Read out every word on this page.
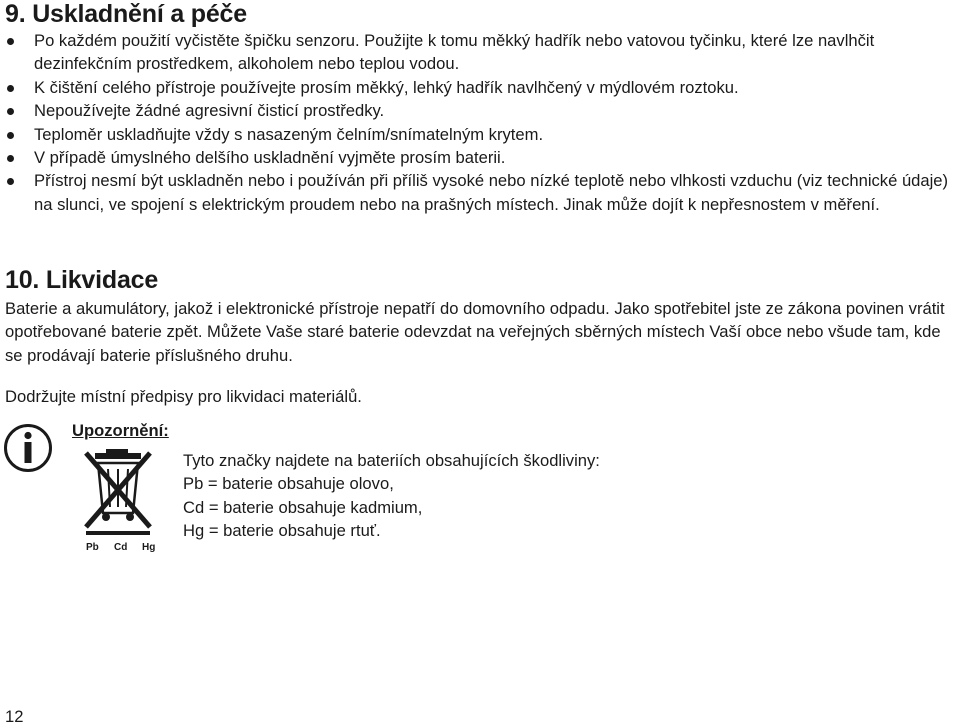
9. Uskladnění a péče
Po každém použití vyčistěte špičku senzoru. Použijte k tomu měkký hadřík nebo vatovou tyčinku, které lze navlhčit dezinfekčním prostředkem, alkoholem nebo teplou vodou.
K čištění celého přístroje používejte prosím měkký, lehký hadřík navlhčený v mýdlovém roztoku.
Nepoužívejte žádné agresivní čisticí prostředky.
Teploměr uskladňujte vždy s nasazeným čelním/snímatelným krytem.
V případě úmyslného delšího uskladnění vyjměte prosím baterii.
Přístroj nesmí být uskladněn nebo i používán při příliš vysoké nebo nízké teplotě nebo vlhkosti vzduchu (viz technické údaje) na slunci, ve spojení s elektrickým proudem nebo na prašných místech. Jinak může dojít k nepřesnostem v měření.
10. Likvidace

Baterie a akumulátory, jakož i elektronické přístroje nepatří do domovního odpadu. Jako spotřebitel jste ze zákona povinen vrátit opotřebované baterie zpět. Můžete Vaše staré baterie odevzdat na veřejných sběrných místech Vaší obce nebo všude tam, kde se prodávají baterie příslušného druhu.

Dodržujte místní předpisy pro likvidaci materiálů.

Upozornění:
Pb Cd Hg
Tyto značky najdete na bateriích obsahujících škodliviny:
Pb = baterie obsahuje olovo,
Cd = baterie obsahuje kadmium,
Hg = baterie obsahuje rtuť.
12
